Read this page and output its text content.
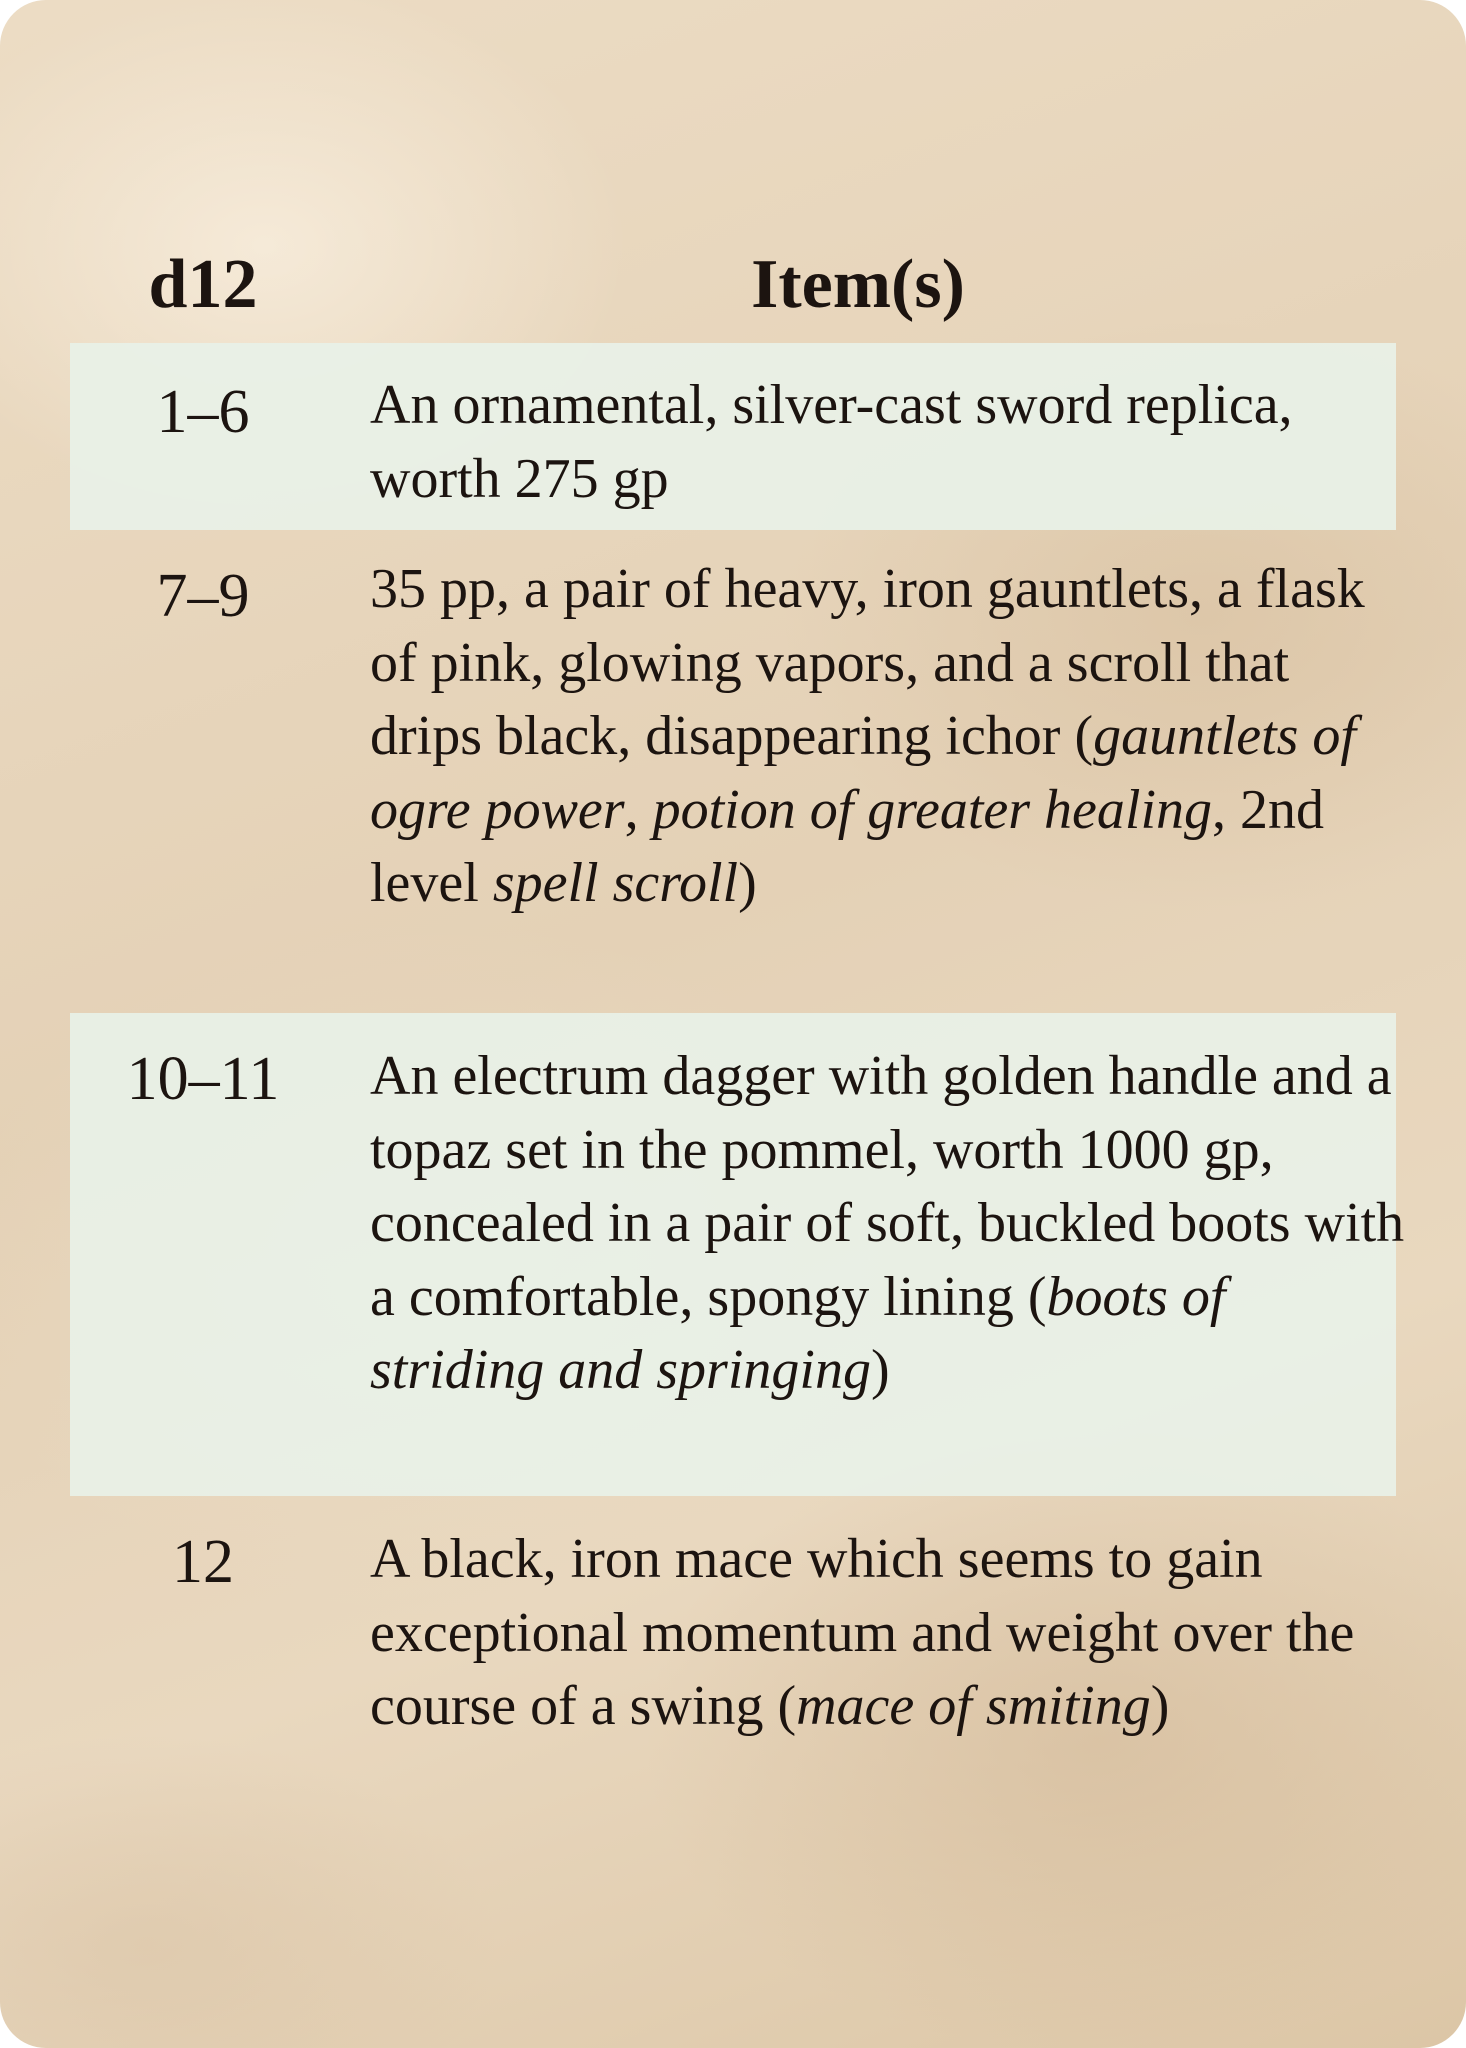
d12	Item(s)
1–6	An ornamental, silver-cast sword replica, worth 275 gp
7–9	35 pp, a pair of heavy, iron gauntlets, a flask of pink, glowing vapors, and a scroll that drips black, disappearing ichor (gauntlets of ogre power, potion of greater healing, 2nd level spell scroll)
10–11	An electrum dagger with golden handle and a topaz set in the pommel, worth 1000 gp, concealed in a pair of soft, buckled boots with a comfortable, spongy lining (boots of striding and springing)
12	A black, iron mace which seems to gain exceptional momentum and weight over the course of a swing (mace of smiting)
